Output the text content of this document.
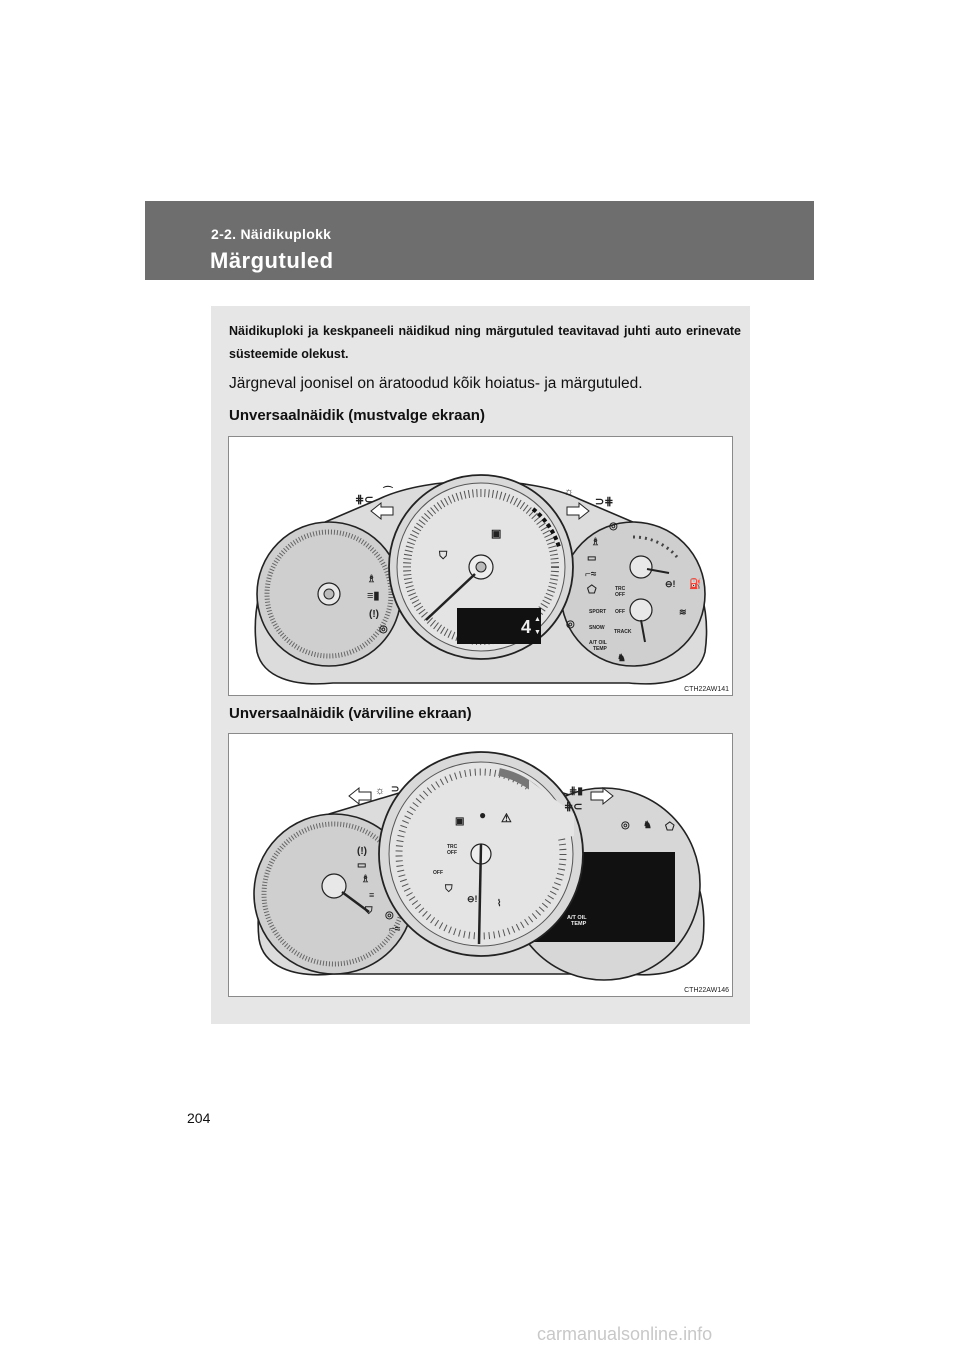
2-2. Näidikuplokk
Märgutuled
Näidikuploki ja keskpaneeli näidikud ning märgutuled teavitavad juhti auto erinevate süsteemide olekust.
Järgneval joonisel on äratoodud kõik hoiatus- ja märgutuled.
Unversaalnäidik (mustvalge ekraan)
4 ▲
▼
⋕⊂
⌒	☼
⊃⋕
♗
≡▮
(!)
◎
⛉
▣
◎
♗
▭
⌐≈
⬠	TRC
OFF
OFF
SPORT
SNOW
TRACK
A/T OIL
TEMP
◎
♞
⊖! ⛽
≋
CTH22AW141
Unversaalnäidik (värviline ekraan)
A/T OIL
TEMP
☼ ⊃	⋕▮
⋕⊂
▣ ● ⚠
TRC
OFF
OFF
⛉
⊖! ⌇
(!)
▭
♗
≡
⛉ ◎
⌐≈
◎ ♞ ⬠
CTH22AW146
204
carmanualsonline.info
